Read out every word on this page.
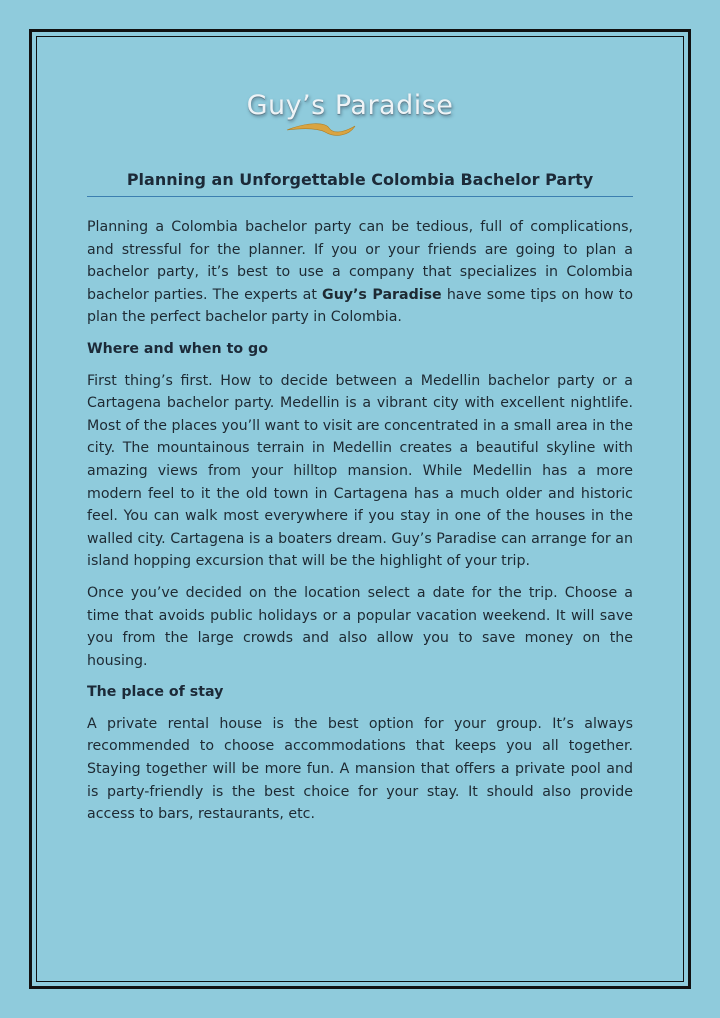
Guy’s Paradise
Planning an Unforgettable Colombia Bachelor Party

Planning a Colombia bachelor party can be tedious, full of complications, and stressful for the planner. If you or your friends are going to plan a bachelor party, it’s best to use a company that specializes in Colombia bachelor parties. The experts at Guy’s Paradise have some tips on how to plan the perfect bachelor party in Colombia.

Where and when to go

First thing’s first. How to decide between a Medellin bachelor party or a Cartagena bachelor party. Medellin is a vibrant city with excellent nightlife. Most of the places you’ll want to visit are concentrated in a small area in the city. The mountainous terrain in Medellin creates a beautiful skyline with amazing views from your hilltop mansion. While Medellin has a more modern feel to it the old town in Cartagena has a much older and historic feel. You can walk most everywhere if you stay in one of the houses in the walled city. Cartagena is a boaters dream. Guy’s Paradise can arrange for an island hopping excursion that will be the highlight of your trip.

Once you’ve decided on the location select a date for the trip. Choose a time that avoids public holidays or a popular vacation weekend. It will save you from the large crowds and also allow you to save money on the housing.

The place of stay

A private rental house is the best option for your group. It’s always recommended to choose accommodations that keeps you all together. Staying together will be more fun. A mansion that offers a private pool and is party-friendly is the best choice for your stay. It should also provide access to bars, restaurants, etc.
